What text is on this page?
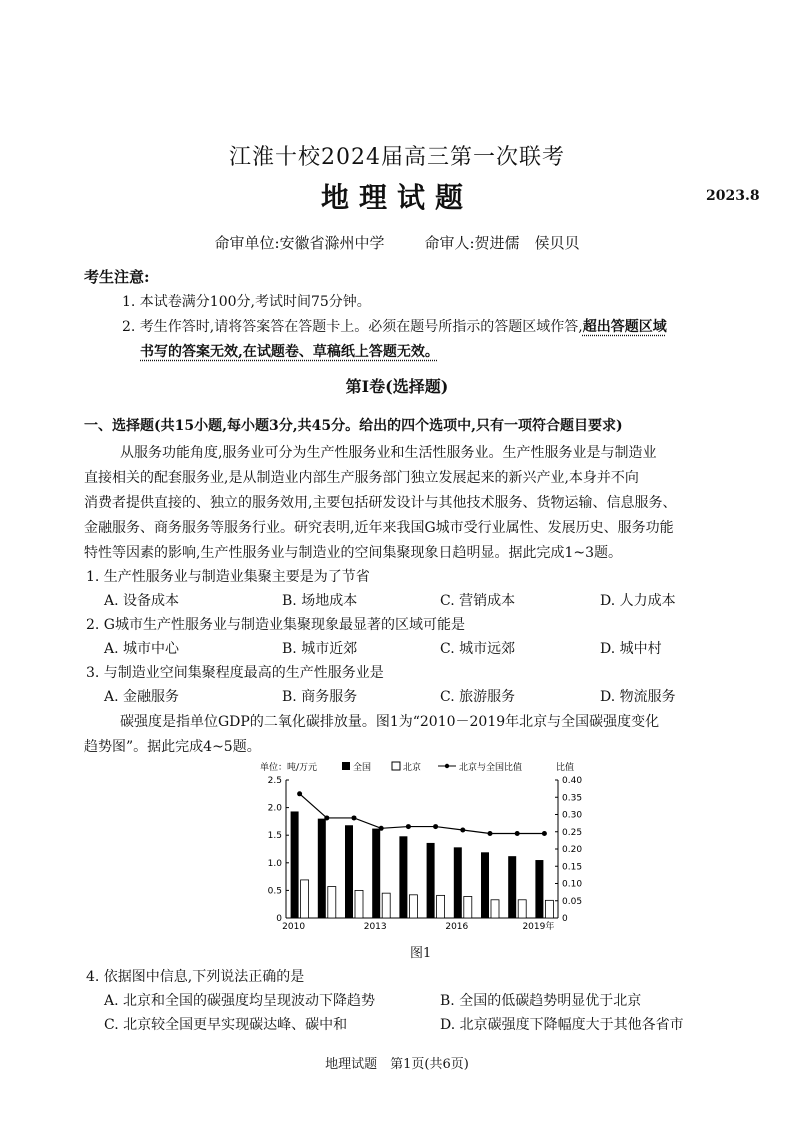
江淮十校2024届高三第一次联考
地理试题	2023.8
命审单位:安徽省滁州中学	命审人:贺进儒　侯贝贝
考生注意:
1. 本试卷满分100分,考试时间75分钟。
2. 考生作答时,请将答案答在答题卡上。必须在题号所指示的答题区域作答,超出答题区域
书写的答案无效,在试题卷、草稿纸上答题无效。
第I卷(选择题)
一、选择题(共15小题,每小题3分,共45分。给出的四个选项中,只有一项符合题目要求)
从服务功能角度,服务业可分为生产性服务业和生活性服务业。生产性服务业是与制造业
直接相关的配套服务业,是从制造业内部生产服务部门独立发展起来的新兴产业,本身并不向
消费者提供直接的、独立的服务效用,主要包括研发设计与其他技术服务、货物运输、信息服务、
金融服务、商务服务等服务行业。研究表明,近年来我国G城市受行业属性、发展历史、服务功能
特性等因素的影响,生产性服务业与制造业的空间集聚现象日趋明显。据此完成1~3题。
1. 生产性服务业与制造业集聚主要是为了节省
A. 设备成本	B. 场地成本	C. 营销成本	D. 人力成本
2. G城市生产性服务业与制造业集聚现象最显著的区域可能是
A. 城市中心	B. 城市近郊	C. 城市远郊	D. 城中村
3. 与制造业空间集聚程度最高的生产性服务业是
A. 金融服务	B. 商务服务	C. 旅游服务	D. 物流服务
碳强度是指单位GDP的二氧化碳排放量。图1为“2010－2019年北京与全国碳强度变化
趋势图”。据此完成4~5题。
0
0.5
1.0
1.5
2.0
2.5
0
0.05
0.10
0.15
0.20
0.25
0.30
0.35
0.40
单位：吨/万元	比值
全国	北京	北京与全国比值
2010	2013	2016	2019年
图1
4. 依据图中信息,下列说法正确的是
A. 北京和全国的碳强度均呈现波动下降趋势	B. 全国的低碳趋势明显优于北京
C. 北京较全国更早实现碳达峰、碳中和	D. 北京碳强度下降幅度大于其他各省市
地理试题　第1页(共6页)
